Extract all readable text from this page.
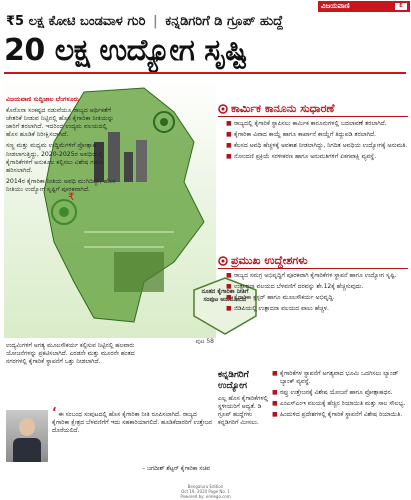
ವಿಜಯವಾಣಿ	E
₹5 ಲಕ್ಷ ಕೋಟಿ ಬಂಡವಾಳ ಗುರಿ | ಕನ್ನಡಿಗರಿಗೆ ಡಿ ಗ್ರೂಪ್ ಹುದ್ದೆ
20 ಲಕ್ಷ ಉದ್ಯೋಗ ಸೃಷ್ಟಿ
₹
ನೂತನ ಕೈಗಾರಿಕಾ ನೀತಿಗೆ ಸಂಪುಟ ಅನುಮೋದನೆ

ವಿಜಯವಾಣಿ ಸುದ್ದಿಜಾಲ ಬೆಂಗಳೂರು

ಕೊರೊನಾ ಸಂಕಷ್ಟದ ನಡುವೆಯೂ ರಾಜ್ಯದ ಆರ್ಥಿಕತೆಗೆ ಚೇತರಿಕೆ ನೀಡುವ ನಿಟ್ಟಿನಲ್ಲಿ ಹೊಸ ಕೈಗಾರಿಕಾ ನೀತಿಯನ್ನು ಜಾರಿಗೆ ತರಲಾಗಿದೆ. ಇದರಿಂದ ಉದ್ಯಮ ವಲಯದಲ್ಲಿ ಹೊಸ ಹೂಡಿಕೆ ನಿರೀಕ್ಷಿಸಲಾಗಿದೆ.

ಸಣ್ಣ ಮತ್ತು ಮಧ್ಯಮ ಉದ್ದಿಮೆಗಳಿಗೆ ಪ್ರೋತ್ಸಾಹ ನೀಡಲಾಗುತ್ತಿದ್ದು, 2020-2025ರ ಅವಧಿಯಲ್ಲಿ ಕೈಗಾರಿಕೆಗಳಿಗೆ ಅನುಕೂಲ ಕಲ್ಪಿಸಲು ವಿಶೇಷ ಗಮನ ಹರಿಸಲಾಗಿದೆ.

2014ರ ಕೈಗಾರಿಕಾ ನೀತಿಯ ಅವಧಿ ಮುಗಿದಿದ್ದು, ಹೊಸ ನೀತಿಯು ಉದ್ಯೋಗ ಸೃಷ್ಟಿಗೆ ಪೂರಕವಾಗಿದೆ.

ಪುಟ 58
ಉದ್ಯಮಿಗಳಿಗೆ ಅಗತ್ಯ ಮೂಲಸೌಕರ್ಯ ಕಲ್ಪಿಸುವ ನಿಟ್ಟಿನಲ್ಲಿ ಹಲವಾರು ಯೋಜನೆಗಳನ್ನು ಪ್ರಕಟಿಸಲಾಗಿದೆ. ಎರಡನೇ ಮತ್ತು ಮೂರನೇ ಹಂತದ ನಗರಗಳಲ್ಲಿ ಕೈಗಾರಿಕೆ ಸ್ಥಾಪನೆಗೆ ಒತ್ತು ನೀಡಲಾಗಿದೆ.
‘ ಈ ಸಂಬಂಧ ಸಂಪುಟದಲ್ಲಿ ಹೊಸ ಕೈಗಾರಿಕಾ ನೀತಿ ರೂಪಿಸಲಾಗಿದೆ. ರಾಜ್ಯದ ಕೈಗಾರಿಕಾ ಕ್ಷೇತ್ರದ ಬೆಳವಣಿಗೆಗೆ ಇದು ಸಹಕಾರಿಯಾಗಲಿದೆ. ಹೂಡಿಕೆದಾರರಿಗೆ ಉತ್ತೇಜನ ದೊರೆಯಲಿದೆ.
– ಜಗದೀಶ್ ಶೆಟ್ಟರ್ ಕೈಗಾರಿಕಾ ಸಚಿವ
ಕಾರ್ಮಿಕ ಕಾನೂನು ಸುಧಾರಣೆ
■ ರಾಜ್ಯದಲ್ಲಿ ಕೈಗಾರಿಕೆ ಸ್ಥಾಪಿಸಲು ಕಾರ್ಮಿಕ ಕಾನೂನುಗಳಲ್ಲಿ ಬದಲಾವಣೆ ತರಲಾಗಿದೆ.
■ ಕೈಗಾರಿಕಾ ವಿವಾದ ಕಾಯ್ದೆ ಹಾಗೂ ಕಾರ್ಖಾನೆ ಕಾಯ್ದೆಗೆ ತಿದ್ದುಪಡಿ ತರಲಾಗಿದೆ.
■ ಕೆಲಸದ ಅವಧಿ ಹೆಚ್ಚಳಕ್ಕೆ ಅವಕಾಶ ನೀಡಲಾಗಿದ್ದು, ನಿಗದಿತ ಅವಧಿಯ ಉದ್ಯೋಗಕ್ಕೆ ಅನುಮತಿ.
■ ನೋಂದಣಿ ಪ್ರಕ್ರಿಯೆ ಸರಳೀಕರಣ ಹಾಗೂ ಅನುಮತಿಗಳಿಗೆ ಏಕಗವಾಕ್ಷಿ ವ್ಯವಸ್ಥೆ.
ಪ್ರಮುಖ ಉದ್ದೇಶಗಳು
■ ರಾಜ್ಯದ ಸಮಗ್ರ ಅಭಿವೃದ್ಧಿಗೆ ಪೂರಕವಾಗಿ ಕೈಗಾರಿಕೆಗಳ ಸ್ಥಾಪನೆ ಹಾಗೂ ಉದ್ಯೋಗ ಸೃಷ್ಟಿ.
■ ಉತ್ಪಾದನಾ ವಲಯದ ಬೆಳವಣಿಗೆ ದರವನ್ನು ಶೇ.12ಕ್ಕೆ ಹೆಚ್ಚಿಸುವುದು.
■ ಕೈಗಾರಿಕಾ ಕ್ಲಸ್ಟರ್ ಹಾಗೂ ಮೂಲಸೌಕರ್ಯ ಅಭಿವೃದ್ಧಿ.
■ ಜಿಡಿಪಿಯಲ್ಲಿ ಉತ್ಪಾದನಾ ವಲಯದ ಪಾಲು ಹೆಚ್ಚಳ.
ಕನ್ನಡಿಗರಿಗೆ ಉದ್ಯೋಗ
ಎಲ್ಲ ಹೊಸ ಕೈಗಾರಿಕೆಗಳಲ್ಲಿ ಸ್ಥಳೀಯರಿಗೆ ಆದ್ಯತೆ. ಡಿ ಗ್ರೂಪ್ ಹುದ್ದೆಗಳು ಕನ್ನಡಿಗರಿಗೆ ಮೀಸಲು.
■ ಕೈಗಾರಿಕೆಗಳ ಸ್ಥಾಪನೆಗೆ ಅಗತ್ಯವಾದ ಭೂಮಿ ಒದಗಿಸಲು ಲ್ಯಾಂಡ್ ಬ್ಯಾಂಕ್ ವ್ಯವಸ್ಥೆ.
■ ರಫ್ತು ಉತ್ತೇಜನಕ್ಕೆ ವಿಶೇಷ ಯೋಜನೆ ಹಾಗೂ ಪ್ರೋತ್ಸಾಹಧನ.
■ ಎಂಎಸ್‌ಎಂಇ ವಲಯಕ್ಕೆ ಹೆಚ್ಚಿನ ರಿಯಾಯಿತಿ ಮತ್ತು ಸಾಲ ಸೌಲಭ್ಯ.
■ ಹಿಂದುಳಿದ ಪ್ರದೇಶಗಳಲ್ಲಿ ಕೈಗಾರಿಕೆ ಸ್ಥಾಪನೆಗೆ ವಿಶೇಷ ರಿಯಾಯಿತಿ.
Bengaluru Edition
Oct 19, 2020 Page No. 1
Powered by: erelego.com
